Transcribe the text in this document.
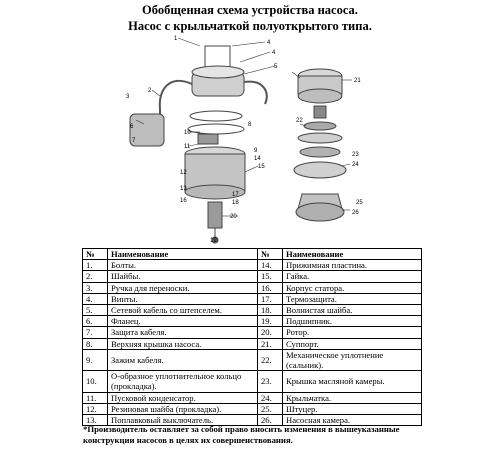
Обобщенная схема устройства насоса.
Насос с крыльчаткой полуоткрытого типа.
1
4
2
3
4
5
6
7
8
9
10
11
12
13
14
15
16
17
18
19
20
21
22
23
24
25
26
№	Наименование	№	Наименование
1.	Болты.	14.	Прижимная пластина.
2.	Шайбы.	15.	Гайка.
3.	Ручка для переноски.	16.	Корпус статора.
4.	Винты.	17.	Термозащита.
5.	Сетевой кабель со штепселем.	18.	Волнистая шайба.
6.	Фланец.	19.	Подшипник.
7.	Защита кабеля.	20.	Ротор.
8.	Верхняя крышка насоса.	21.	Суппорт.
9.	Зажим кабеля.	22.	Механическое уплотнение (сальник).
10.	О-образное уплотнительное кольцо (прокладка).	23.	Крышка масляной камеры.
11.	Пусковой конденсатор.	24.	Крыльчатка.
12.	Резиновая шайба (прокладка).	25.	Штуцер.
13.	Поплавковый выключатель.	26.	Насосная камера.
*Производитель оставляет за собой право вносить изменения в вышеуказанные конструкции насосов в целях их совершенствования.
